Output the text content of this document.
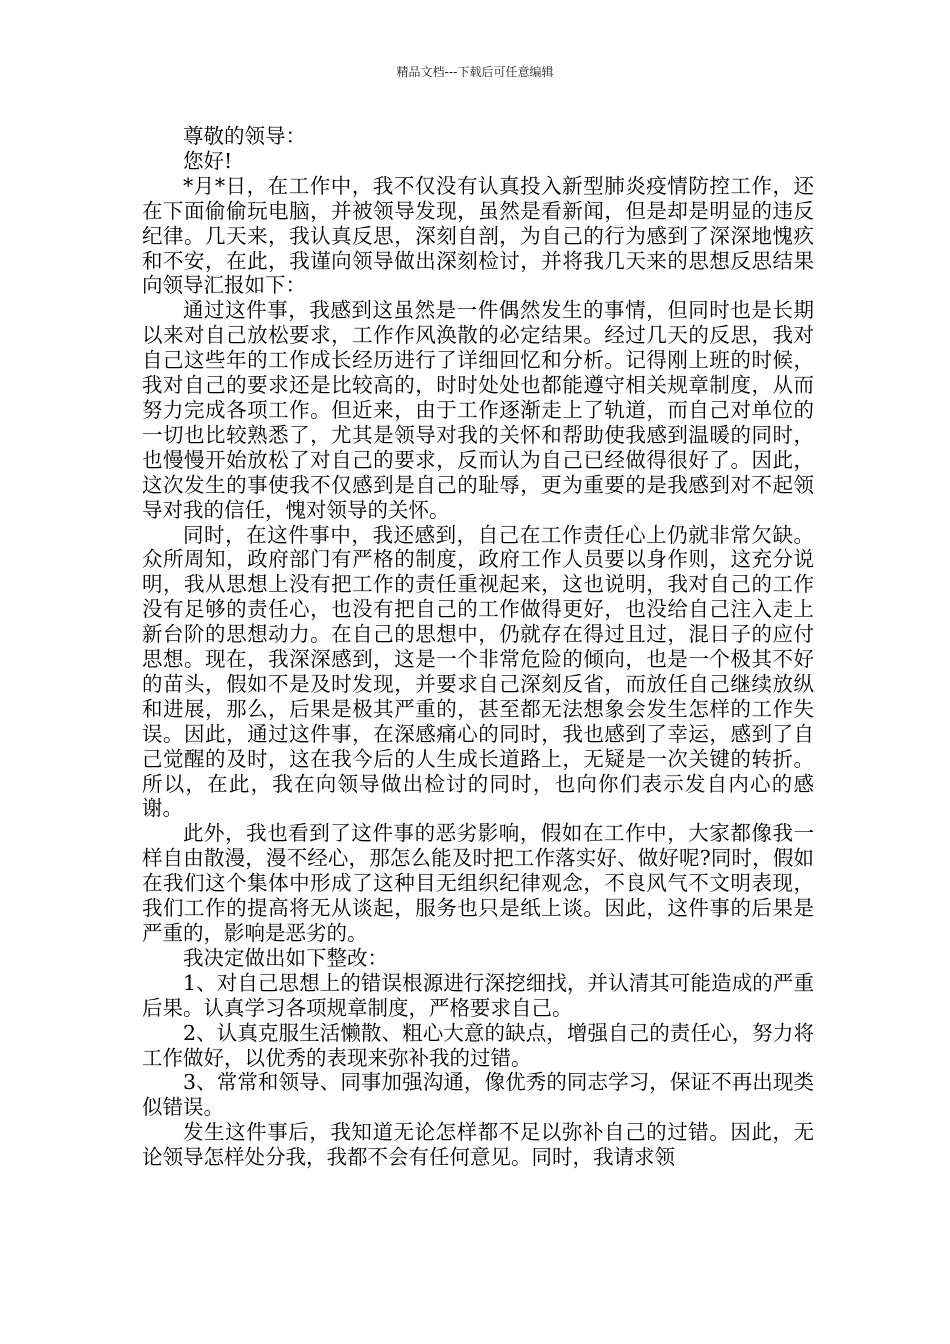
精品文档---下载后可任意编辑

尊敬的领导：

您好!

*月*日，在工作中，我不仅没有认真投入新型肺炎疫情防控工作，还在下面偷偷玩电脑，并被领导发现，虽然是看新闻，但是却是明显的违反纪律。几天来，我认真反思，深刻自剖，为自己的行为感到了深深地愧疚和不安，在此，我谨向领导做出深刻检讨，并将我几天来的思想反思结果向领导汇报如下：

通过这件事，我感到这虽然是一件偶然发生的事情，但同时也是长期以来对自己放松要求，工作作风涣散的必定结果。经过几天的反思，我对自己这些年的工作成长经历进行了详细回忆和分析。记得刚上班的时候，我对自己的要求还是比较高的，时时处处也都能遵守相关规章制度，从而努力完成各项工作。但近来，由于工作逐渐走上了轨道，而自己对单位的一切也比较熟悉了，尤其是领导对我的关怀和帮助使我感到温暖的同时，也慢慢开始放松了对自己的要求，反而认为自己已经做得很好了。因此，这次发生的事使我不仅感到是自己的耻辱，更为重要的是我感到对不起领导对我的信任，愧对领导的关怀。

同时，在这件事中，我还感到，自己在工作责任心上仍就非常欠缺。众所周知，政府部门有严格的制度，政府工作人员要以身作则，这充分说明，我从思想上没有把工作的责任重视起来，这也说明，我对自己的工作没有足够的责任心，也没有把自己的工作做得更好，也没给自己注入走上新台阶的思想动力。在自己的思想中，仍就存在得过且过，混日子的应付思想。现在，我深深感到，这是一个非常危险的倾向，也是一个极其不好的苗头，假如不是及时发现，并要求自己深刻反省，而放任自己继续放纵和进展，那么，后果是极其严重的，甚至都无法想象会发生怎样的工作失误。因此，通过这件事，在深感痛心的同时，我也感到了幸运，感到了自己觉醒的及时，这在我今后的人生成长道路上，无疑是一次关键的转折。所以，在此，我在向领导做出检讨的同时，也向你们表示发自内心的感谢。

此外，我也看到了这件事的恶劣影响，假如在工作中，大家都像我一样自由散漫，漫不经心，那怎么能及时把工作落实好、做好呢?同时，假如在我们这个集体中形成了这种目无组织纪律观念，不良风气不文明表现，我们工作的提高将无从谈起，服务也只是纸上谈。因此，这件事的后果是严重的，影响是恶劣的。

我决定做出如下整改：

1、对自己思想上的错误根源进行深挖细找，并认清其可能造成的严重后果。认真学习各项规章制度，严格要求自己。

2、认真克服生活懒散、粗心大意的缺点，增强自己的责任心，努力将工作做好，以优秀的表现来弥补我的过错。

3、常常和领导、同事加强沟通，像优秀的同志学习，保证不再出现类似错误。

发生这件事后，我知道无论怎样都不足以弥补自己的过错。因此，无论领导怎样处分我，我都不会有任何意见。同时，我请求领
